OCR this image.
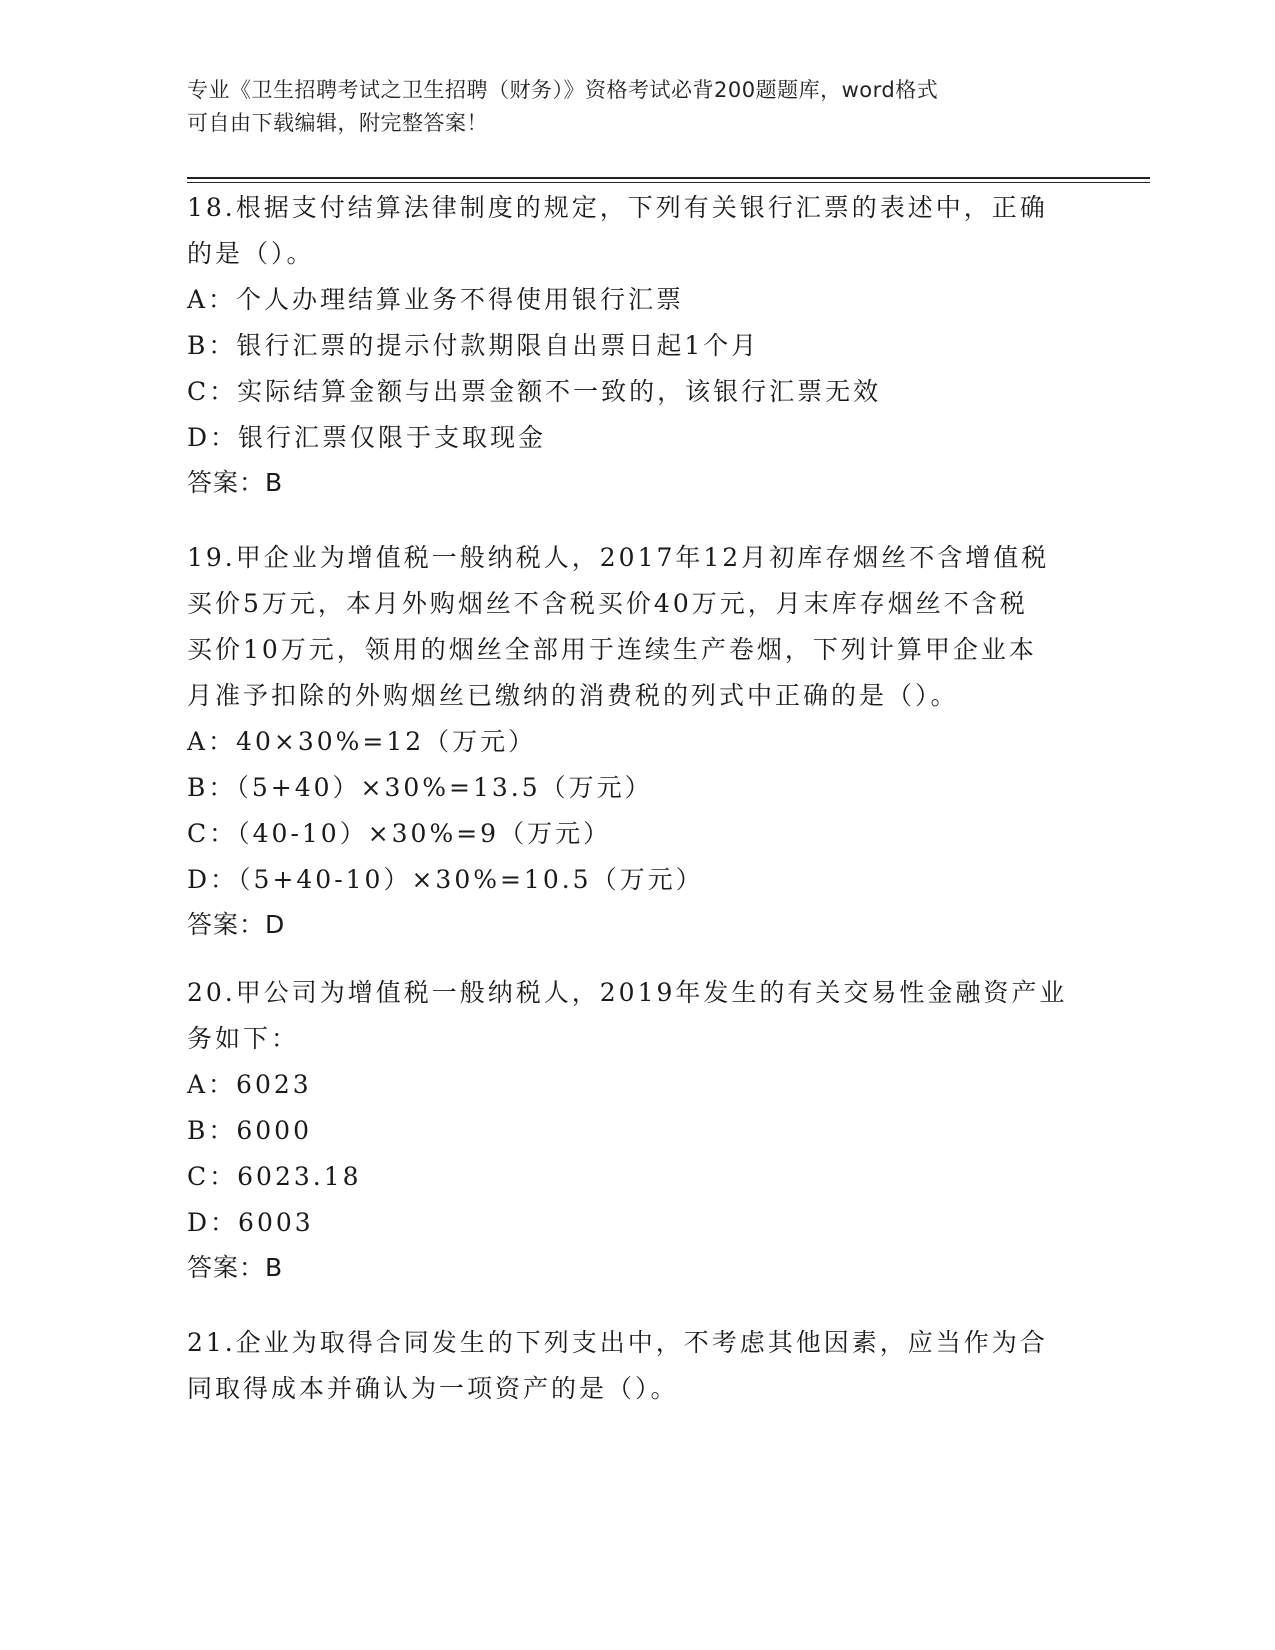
专业《卫生招聘考试之卫生招聘（财务）》资格考试必背200题题库，word格式
可自由下载编辑，附完整答案！
18.根据支付结算法律制度的规定，下列有关银行汇票的表述中，正确
的是（）。
A：个人办理结算业务不得使用银行汇票
B：银行汇票的提示付款期限自出票日起1个月
C：实际结算金额与出票金额不一致的，该银行汇票无效
D：银行汇票仅限于支取现金
答案：B
19.甲企业为增值税一般纳税人，2017年12月初库存烟丝不含增值税
买价5万元，本月外购烟丝不含税买价40万元，月末库存烟丝不含税
买价10万元，领用的烟丝全部用于连续生产卷烟，下列计算甲企业本
月准予扣除的外购烟丝已缴纳的消费税的列式中正确的是（）。
A：40×30%=12（万元）
B：（5+40）×30%=13.5（万元）
C：（40-10）×30%=9（万元）
D：（5+40-10）×30%=10.5（万元）
答案：D
20.甲公司为增值税一般纳税人，2019年发生的有关交易性金融资产业
务如下：
A：6023
B：6000
C：6023.18
D：6003
答案：B
21.企业为取得合同发生的下列支出中，不考虑其他因素，应当作为合
同取得成本并确认为一项资产的是（）。
